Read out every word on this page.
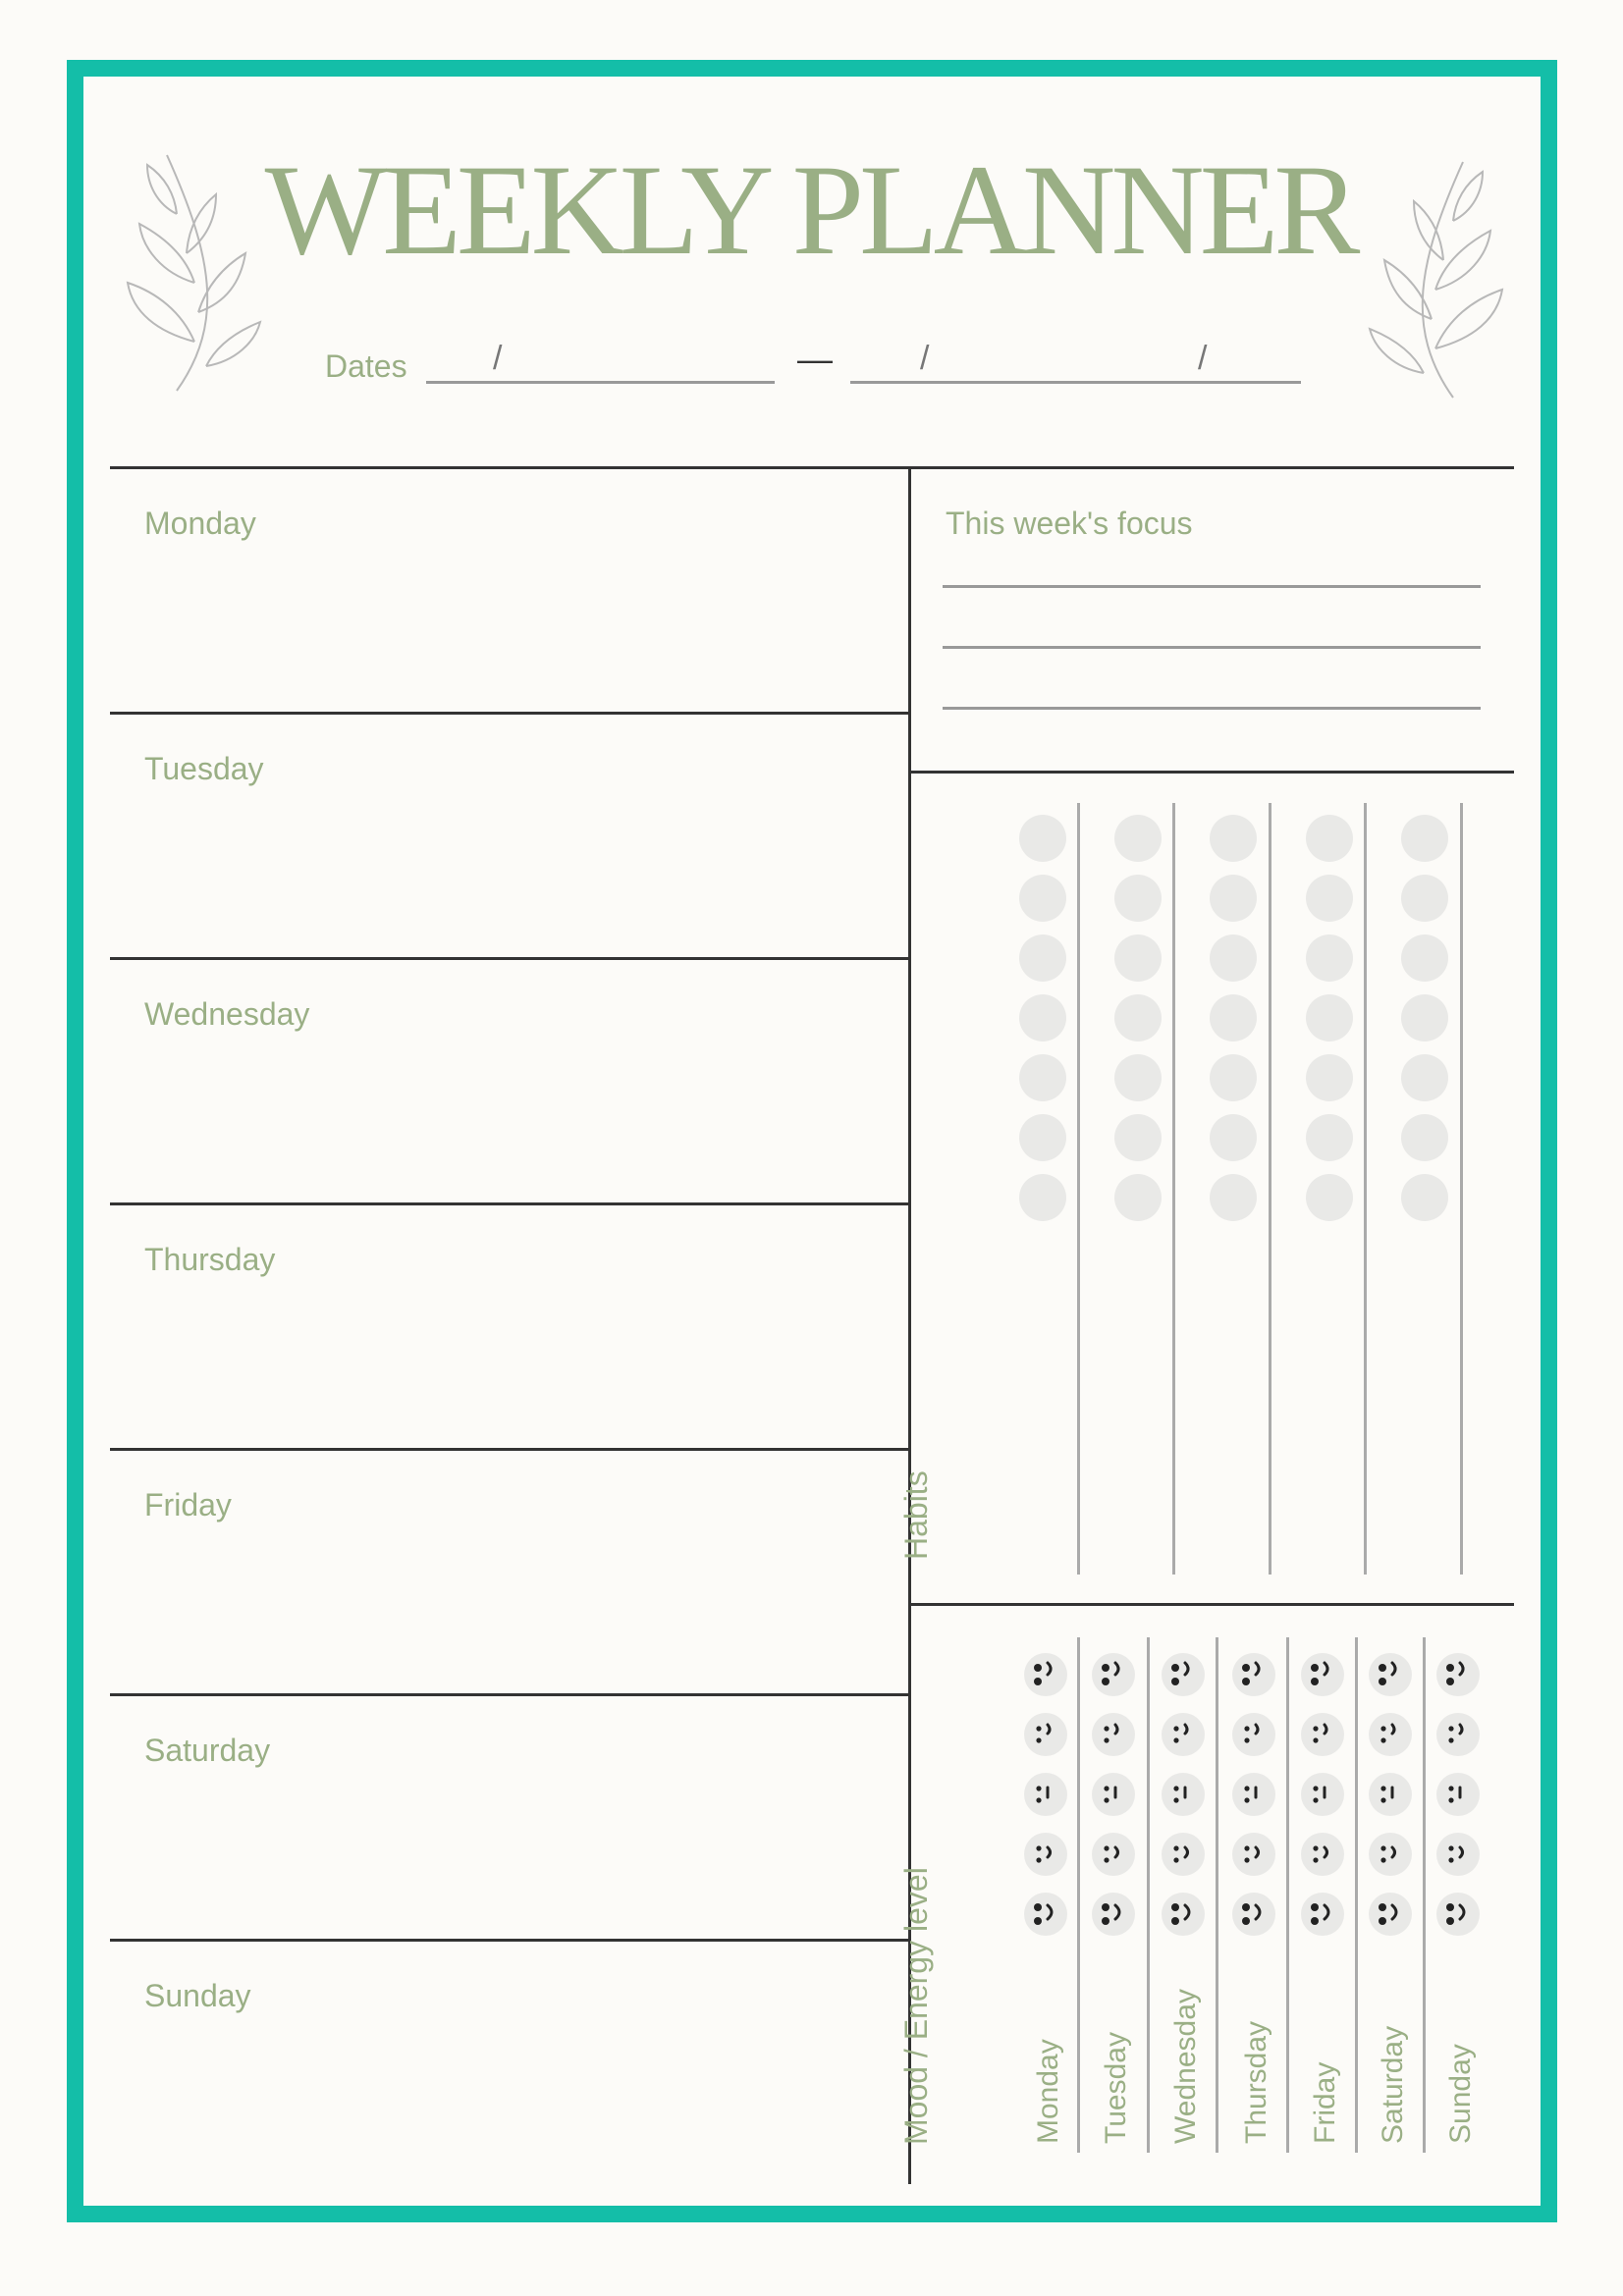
WEEKLY PLANNER
Dates	/	—	/	/
Monday
Tuesday
Wednesday
Thursday
Friday
Saturday
Sunday
This week's focus
Habits
Mood / Energy level	Monday Tuesday Wednesday Thursday Friday Saturday Sunday
